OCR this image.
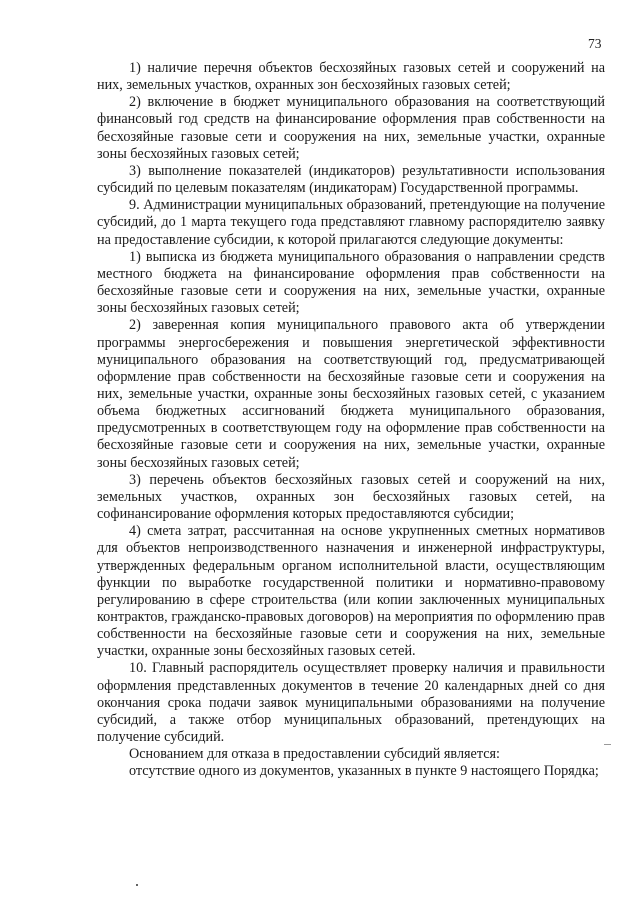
73

1) наличие перечня объектов бесхозяйных газовых сетей и сооружений на них, земельных участков, охранных зон бесхозяйных газовых сетей;

2) включение в бюджет муниципального образования на соответствующий финансовый год средств на финансирование оформления прав собственности на бесхозяйные газовые сети и сооружения на них, земельные участки, охранные зоны бесхозяйных газовых сетей;

3) выполнение показателей (индикаторов) результативности использования субсидий по целевым показателям (индикаторам) Государственной программы.

9. Администрации муниципальных образований, претендующие на получение субсидий, до 1 марта текущего года представляют главному распорядителю заявку на предоставление субсидии, к которой прилагаются следующие документы:

1) выписка из бюджета муниципального образования о направлении средств местного бюджета на финансирование оформления прав собственности на бесхозяйные газовые сети и сооружения на них, земельные участки, охранные зоны бесхозяйных газовых сетей;

2) заверенная копия муниципального правового акта об утверждении программы энергосбережения и повышения энергетической эффективности муниципального образования на соответствующий год, предусматривающей оформление прав собственности на бесхозяйные газовые сети и сооружения на них, земельные участки, охранные зоны бесхозяйных газовых сетей, с указанием объема бюджетных ассигнований бюджета муниципального образования, предусмотренных в соответствующем году на оформление прав собственности на бесхозяйные газовые сети и сооружения на них, земельные участки, охранные зоны бесхозяйных газовых сетей;

3) перечень объектов бесхозяйных газовых сетей и сооружений на них, земельных участков, охранных зон бесхозяйных газовых сетей, на софинансирование оформления которых предоставляются субсидии;

4) смета затрат, рассчитанная на основе укрупненных сметных нормативов для объектов непроизводственного назначения и инженерной инфраструктуры, утвержденных федеральным органом исполнительной власти, осуществляющим функции по выработке государственной политики и нормативно-правовому регулированию в сфере строительства (или копии заключенных муниципальных контрактов, гражданско-правовых договоров) на мероприятия по оформлению прав собственности на бесхозяйные газовые сети и сооружения на них, земельные участки, охранные зоны бесхозяйных газовых сетей.

10. Главный распорядитель осуществляет проверку наличия и правильности оформления представленных документов в течение 20 календарных дней со дня окончания срока подачи заявок муниципальными образованиями на получение субсидий, а также отбор муниципальных образований, претендующих на получение субсидий.

Основанием для отказа в предоставлении субсидий является:

отсутствие одного из документов, указанных в пункте 9 настоящего Порядка;
